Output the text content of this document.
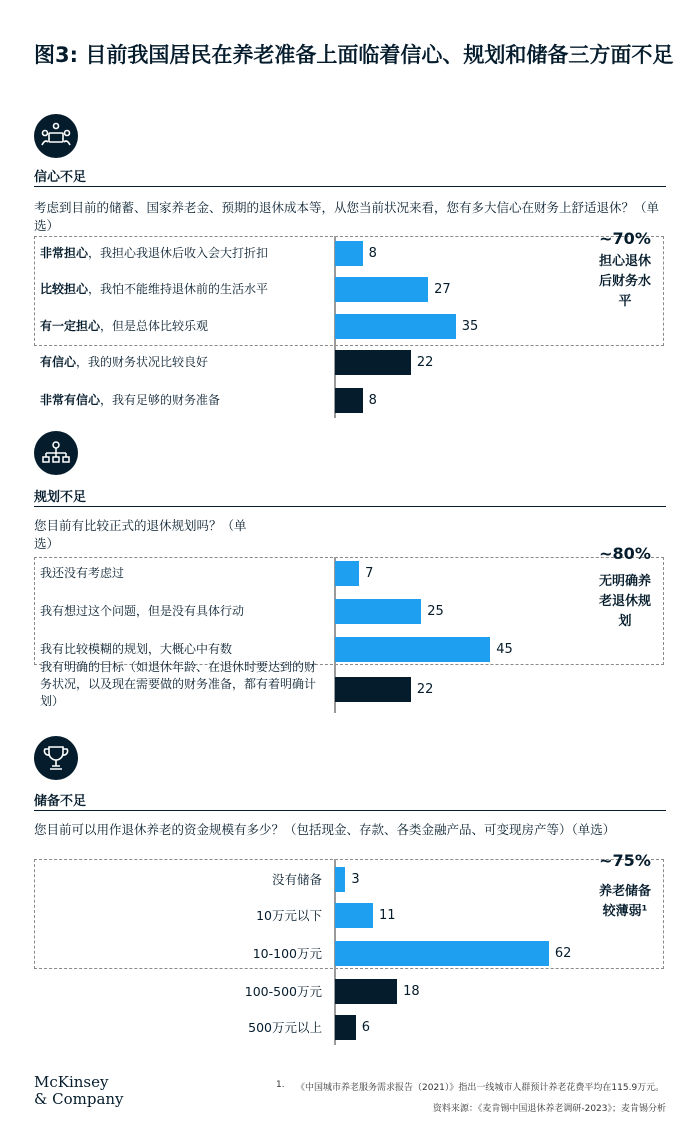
图3: 目前我国居民在养老准备上面临着信心、规划和储备三方面不足
信心不足
考虑到目前的储蓄、国家养老金、预期的退休成本等，从您当前状况来看，您有多大信心在财务上舒适退休？（单选）
8
非常担心，我担心我退休后收入会大打折扣
27
比较担心，我怕不能维持退休前的生活水平
35
有一定担心，但是总体比较乐观
22
有信心，我的财务状况比较良好
8
非常有信心，我有足够的财务准备
~70%
担心退休后财务水平
规划不足
您目前有比较正式的退休规划吗？（单选）
7
我还没有考虑过
25
我有想过这个问题，但是没有具体行动
45
我有比较模糊的规划，大概心中有数
22
我有明确的目标（如退休年龄、在退休时要达到的财务状况，以及现在需要做的财务准备，都有着明确计划）
~80%
无明确养老退休规划
储备不足
您目前可以用作退休养老的资金规模有多少？（包括现金、存款、各类金融产品、可变现房产等）（单选）
3
没有储备
11
10万元以下
62
10-100万元
18
100-500万元
6
500万元以上
~75%
养老储备较薄弱¹
McKinsey
& Company
1. 《中国城市养老服务需求报告（2021）》指出一线城市人群预计养老花费平均在115.9万元。
资料来源：《麦肯锡中国退休养老调研-2023》；麦肯锡分析
